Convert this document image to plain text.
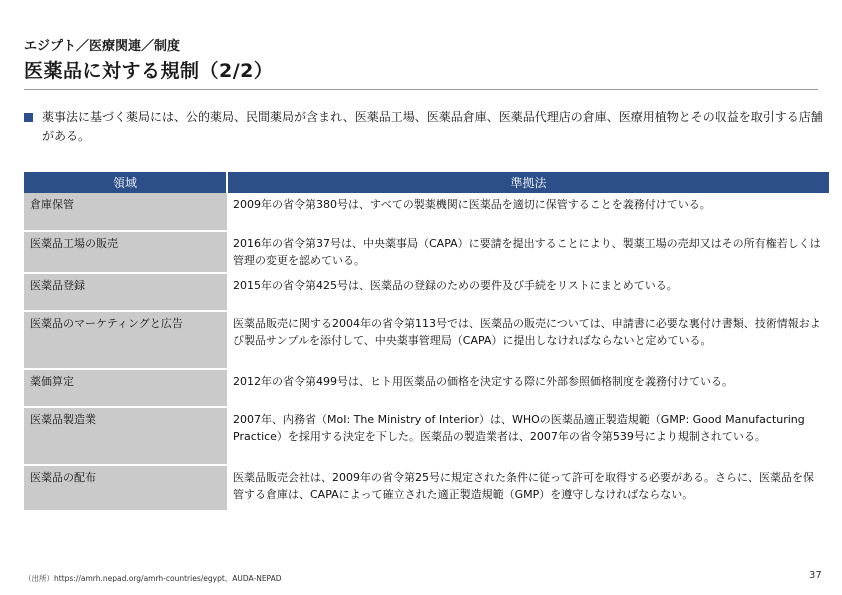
エジプト／医療関連／制度
医薬品に対する規制（2/2）
薬事法に基づく薬局には、公的薬局、民間薬局が含まれ、医薬品工場、医薬品倉庫、医薬品代理店の倉庫、医療用植物とその収益を取引する店舗がある。
領域	準拠法
倉庫保管	2009年の省令第380号は、すべての製薬機関に医薬品を適切に保管することを義務付けている。
医薬品工場の販売	2016年の省令第37号は、中央薬事局（CAPA）に要請を提出することにより、製薬工場の売却又はその所有権若しくは管理の変更を認めている。
医薬品登録	2015年の省令第425号は、医薬品の登録のための要件及び手続をリストにまとめている。
医薬品のマーケティングと広告	医薬品販売に関する2004年の省令第113号では、医薬品の販売については、申請書に必要な裏付け書類、技術情報および製品サンプルを添付して、中央薬事管理局（CAPA）に提出しなければならないと定めている。
薬価算定	2012年の省令第499号は、ヒト用医薬品の価格を決定する際に外部参照価格制度を義務付けている。
医薬品製造業	2007年、内務省（MoI: The Ministry of Interior）は、WHOの医薬品適正製造規範（GMP: Good Manufacturing Practice）を採用する決定を下した。医薬品の製造業者は、2007年の省令第539号により規制されている。
医薬品の配布	医薬品販売会社は、2009年の省令第25号に規定された条件に従って許可を取得する必要がある。さらに、医薬品を保管する倉庫は、CAPAによって確立された適正製造規範（GMP）を遵守しなければならない。
（出所）https://amrh.nepad.org/amrh-countries/egypt、AUDA-NEPAD	37
